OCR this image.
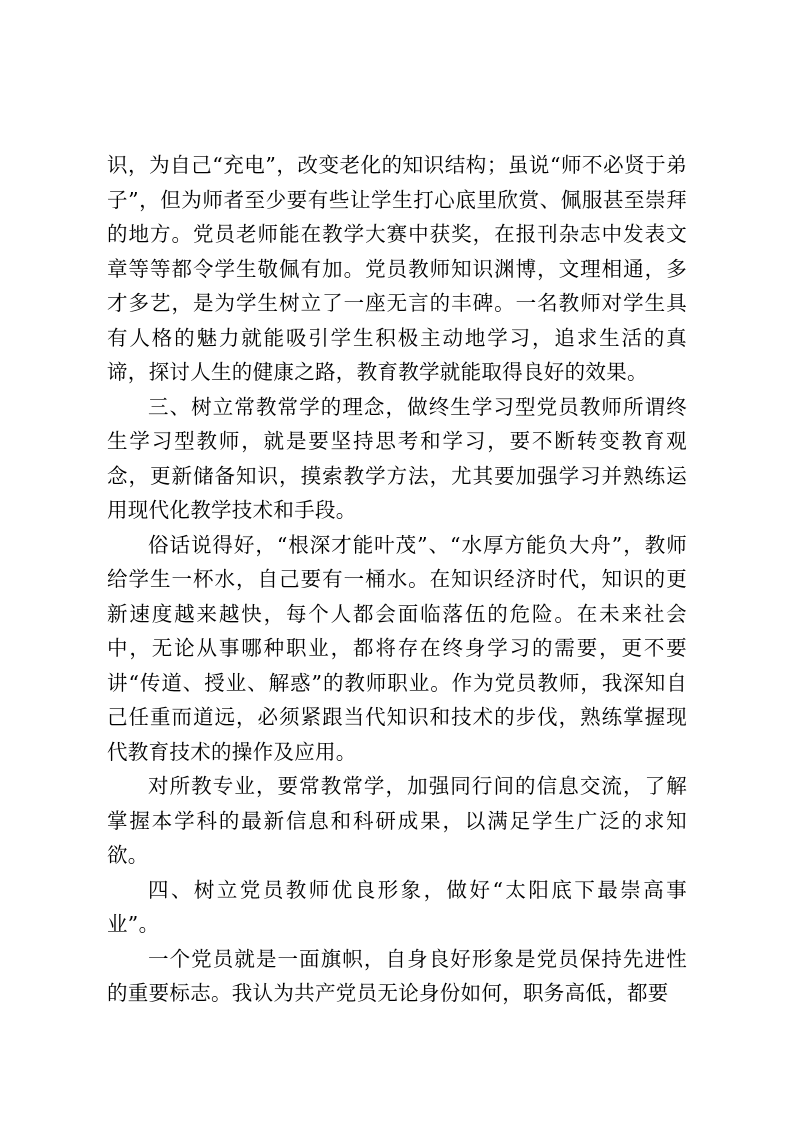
识，为自己“充电”，改变老化的知识结构；虽说“师不必贤于弟子”，但为师者至少要有些让学生打心底里欣赏、佩服甚至崇拜的地方。党员老师能在教学大赛中获奖，在报刊杂志中发表文章等等都令学生敬佩有加。党员教师知识渊博，文理相通，多才多艺，是为学生树立了一座无言的丰碑。一名教师对学生具有人格的魅力就能吸引学生积极主动地学习，追求生活的真谛，探讨人生的健康之路，教育教学就能取得良好的效果。

三、树立常教常学的理念，做终生学习型党员教师所谓终生学习型教师，就是要坚持思考和学习，要不断转变教育观念，更新储备知识，摸索教学方法，尤其要加强学习并熟练运用现代化教学技术和手段。

俗话说得好，“根深才能叶茂”、“水厚方能负大舟”，教师给学生一杯水，自己要有一桶水。在知识经济时代，知识的更新速度越来越快，每个人都会面临落伍的危险。在未来社会中，无论从事哪种职业，都将存在终身学习的需要，更不要讲“传道、授业、解惑”的教师职业。作为党员教师，我深知自己任重而道远，必须紧跟当代知识和技术的步伐，熟练掌握现代教育技术的操作及应用。

对所教专业，要常教常学，加强同行间的信息交流，了解掌握本学科的最新信息和科研成果，以满足学生广泛的求知欲。

四、树立党员教师优良形象，做好“太阳底下最崇高事业”。

一个党员就是一面旗帜，自身良好形象是党员保持先进性的重要标志。我认为共产党员无论身份如何，职务高低，都要
